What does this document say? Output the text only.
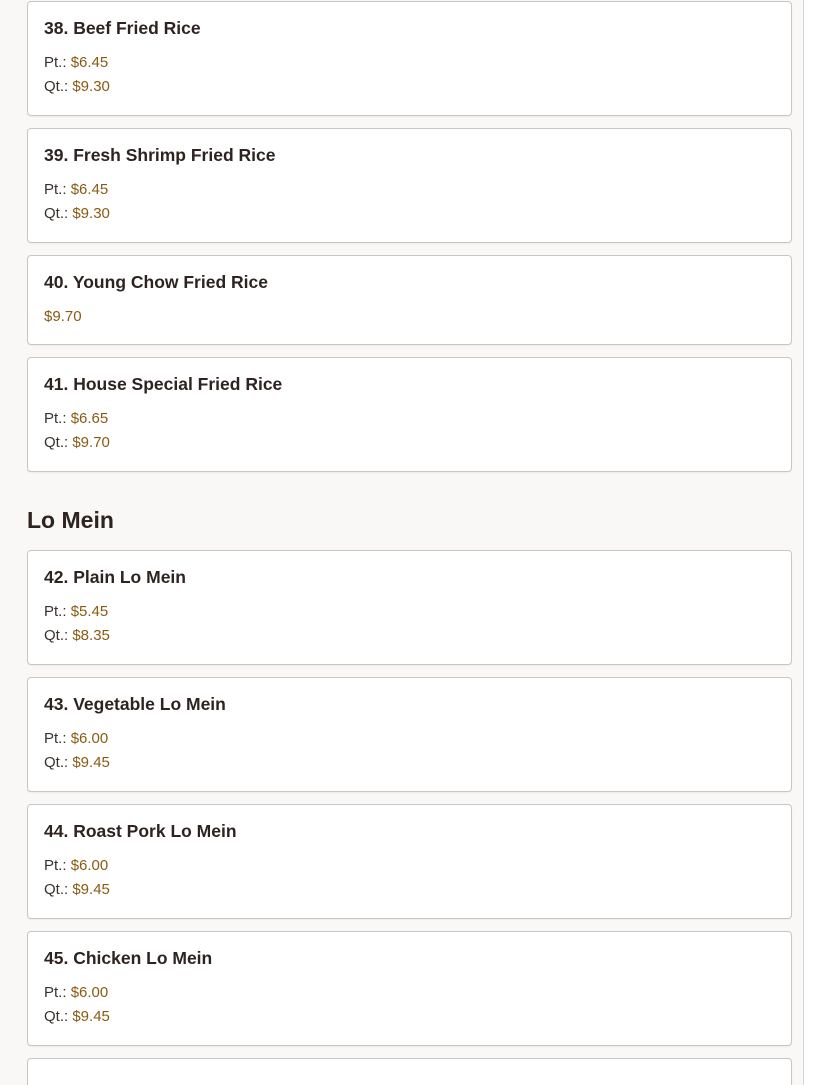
38. Beef Fried Rice
Pt.: $6.45
Qt.: $9.30
39. Fresh Shrimp Fried Rice
Pt.: $6.45
Qt.: $9.30
40. Young Chow Fried Rice
$9.70
41. House Special Fried Rice
Pt.: $6.65
Qt.: $9.70
Lo Mein
42. Plain Lo Mein
Pt.: $5.45
Qt.: $8.35
43. Vegetable Lo Mein
Pt.: $6.00
Qt.: $9.45
44. Roast Pork Lo Mein
Pt.: $6.00
Qt.: $9.45
45. Chicken Lo Mein
Pt.: $6.00
Qt.: $9.45
